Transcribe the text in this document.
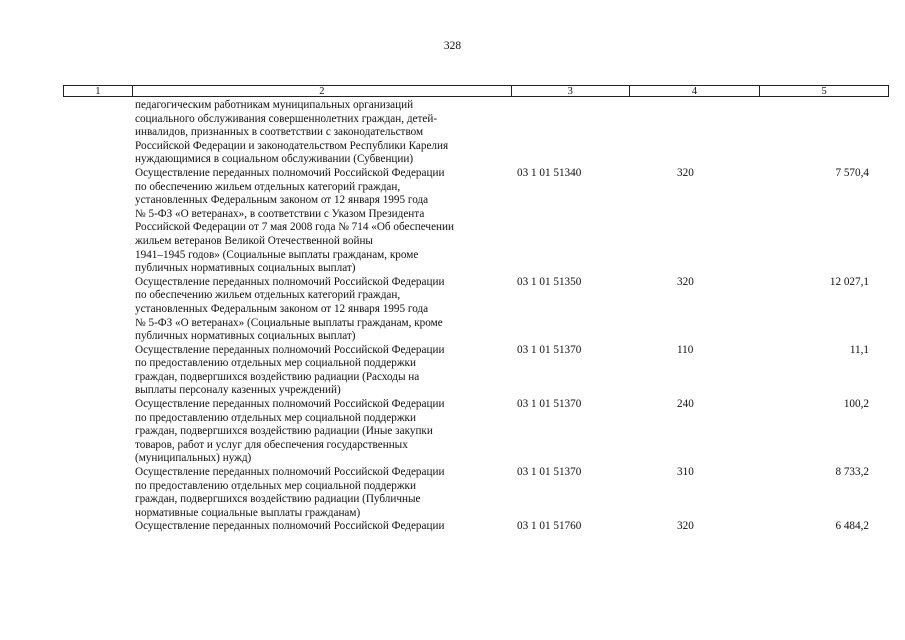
328
1	2	3	4	5
педагогическим работникам муниципальных организаций
социального обслуживания совершеннолетних граждан, детей-
инвалидов, признанных в соответствии с законодательством
Российской Федерации и законодательством Республики Карелия
нуждающимися в социальном обслуживании (Субвенции)
Осуществление переданных полномочий Российской Федерации
по обеспечению жильем отдельных категорий граждан,
установленных Федеральным законом от 12 января 1995 года
№ 5-ФЗ «О ветеранах», в соответствии с Указом Президента
Российской Федерации от 7 мая 2008 года № 714 «Об обеспечении
жильем ветеранов Великой Отечественной войны
1941–1945 годов» (Социальные выплаты гражданам, кроме
публичных нормативных социальных выплат)
03 1 01 51340	320	7 570,4
Осуществление переданных полномочий Российской Федерации
по обеспечению жильем отдельных категорий граждан,
установленных Федеральным законом от 12 января 1995 года
№ 5-ФЗ «О ветеранах» (Социальные выплаты гражданам, кроме
публичных нормативных социальных выплат)
03 1 01 51350	320	12 027,1
Осуществление переданных полномочий Российской Федерации
по предоставлению отдельных мер социальной поддержки
граждан, подвергшихся воздействию радиации (Расходы на
выплаты персоналу казенных учреждений)
03 1 01 51370	110	11,1
Осуществление переданных полномочий Российской Федерации
по предоставлению отдельных мер социальной поддержки
граждан, подвергшихся воздействию радиации (Иные закупки
товаров, работ и услуг для обеспечения государственных
(муниципальных) нужд)
03 1 01 51370	240	100,2
Осуществление переданных полномочий Российской Федерации
по предоставлению отдельных мер социальной поддержки
граждан, подвергшихся воздействию радиации (Публичные
нормативные социальные выплаты гражданам)
03 1 01 51370	310	8 733,2
Осуществление переданных полномочий Российской Федерации	03 1 01 51760	320	6 484,2
